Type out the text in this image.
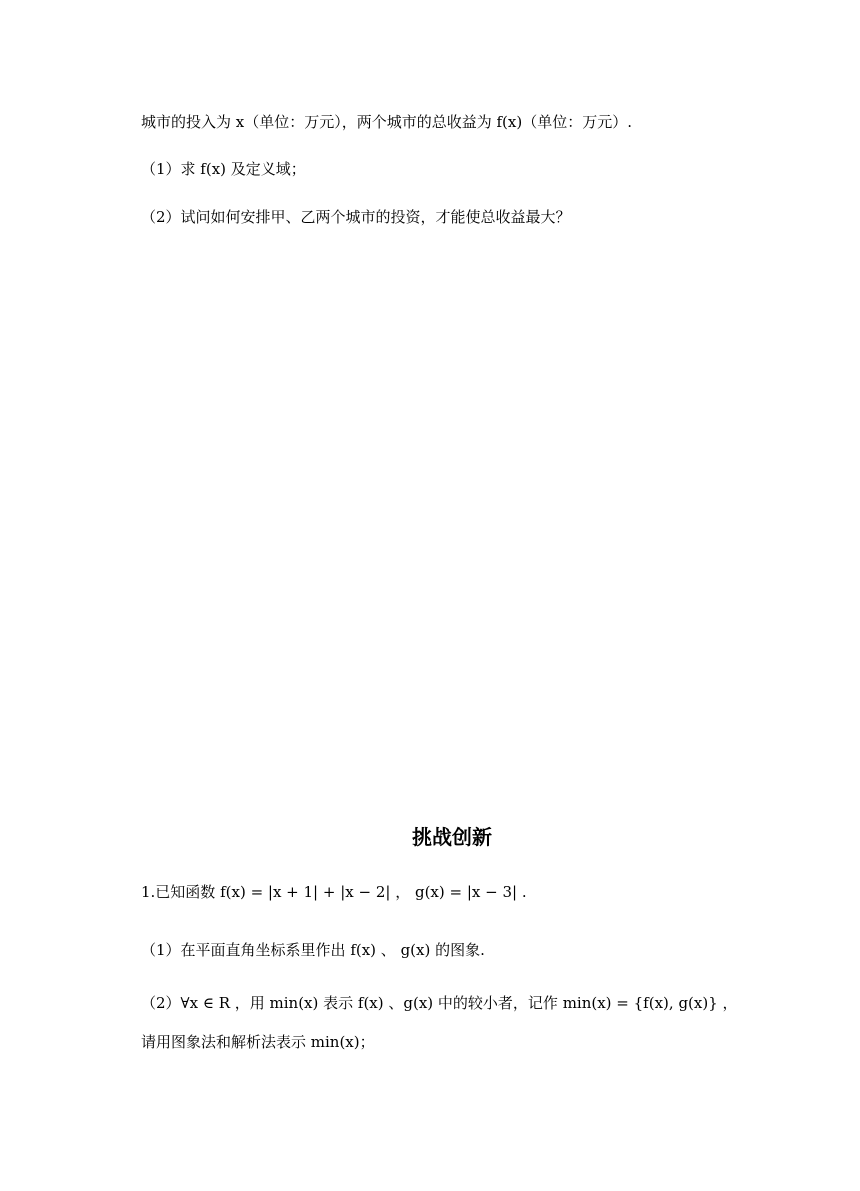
城市的投入为 x（单位：万元），两个城市的总收益为 f(x)（单位：万元）.
（1）求 f(x) 及定义域；
（2）试问如何安排甲、乙两个城市的投资，才能使总收益最大？
挑战创新
1.已知函数 f(x) = |x + 1| + |x − 2| ， g(x) = |x − 3| .
（1）在平面直角坐标系里作出 f(x) 、 g(x) 的图象.
（2）∀x ∈ R ，用 min(x) 表示 f(x) 、g(x) 中的较小者，记作 min(x) = {f(x), g(x)} ，
请用图象法和解析法表示 min(x)；
